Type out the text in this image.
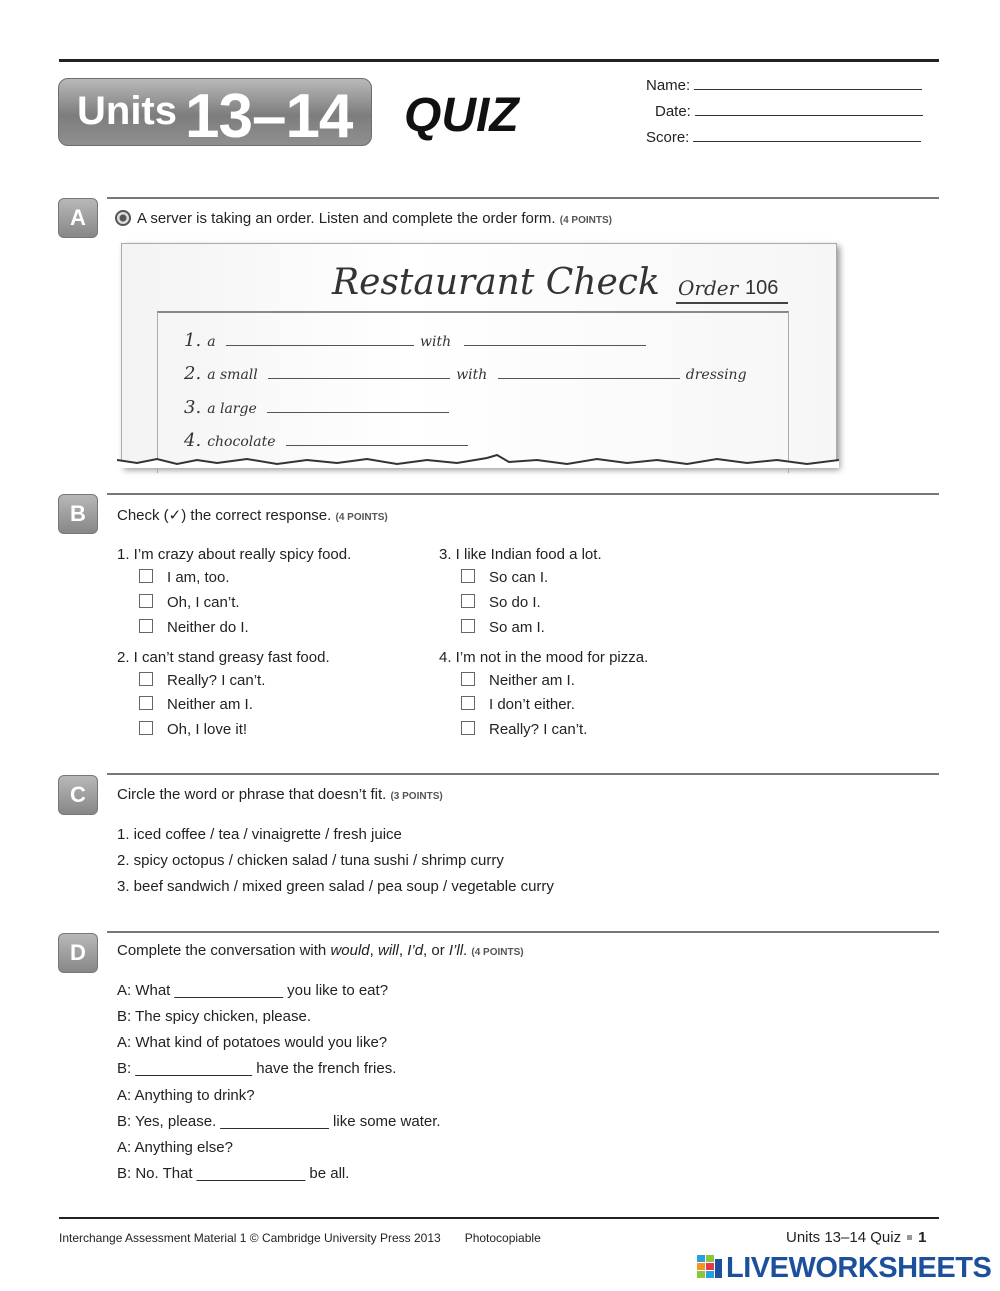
Units 13–14 QUIZ
Name:
Date:
Score:
A	A server is taking an order. Listen and complete the order form. (4 POINTS)
Restaurant Check Order 106
1. a	with
2. a small	with	dressing
3. a large
4. chocolate
B	Check (✓) the correct response. (4 POINTS)
1. I’m crazy about really spicy food.
I am, too.
Oh, I can’t.
Neither do I.
2. I can’t stand greasy fast food.
Really? I can’t.
Neither am I.
Oh, I love it!
3. I like Indian food a lot.
So can I.
So do I.
So am I.
4. I’m not in the mood for pizza.
Neither am I.
I don’t either.
Really? I can’t.
C	Circle the word or phrase that doesn’t fit. (3 POINTS)
1. iced coffee / tea / vinaigrette / fresh juice
2. spicy octopus / chicken salad / tuna sushi / shrimp curry
3. beef sandwich / mixed green salad / pea soup / vegetable curry
D	Complete the conversation with would, will, I’d, or I’ll. (4 POINTS)
A: What _____________ you like to eat?
B: The spicy chicken, please.
A: What kind of potatoes would you like?
B: ______________ have the french fries.
A: Anything to drink?
B: Yes, please. _____________ like some water.
A: Anything else?
B: No. That _____________ be all.
Interchange Assessment Material 1 © Cambridge University Press 2013 Photocopiable	Units 13–14 Quiz 1
LIVEWORKSHEETS
